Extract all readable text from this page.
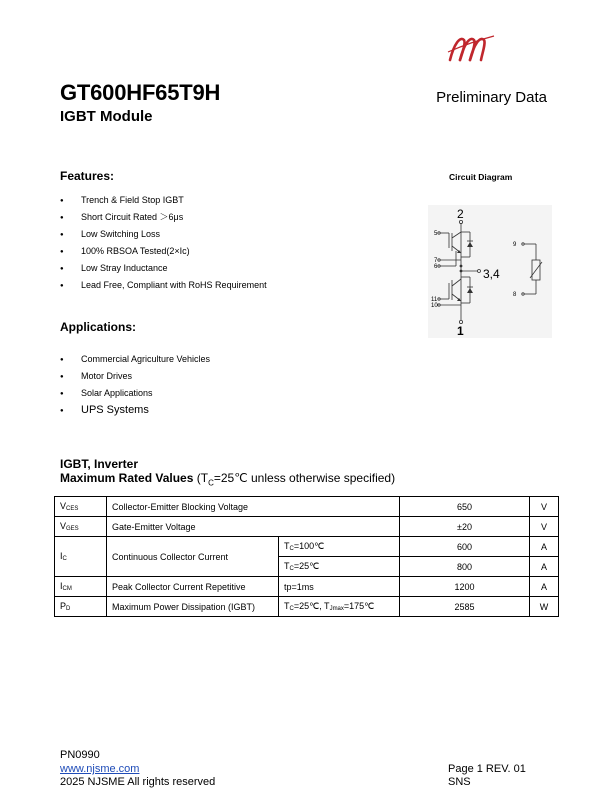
GT600HF65T9H
IGBT Module
Preliminary Data
Features:
● Trench & Field Stop IGBT
● Short Circuit Rated ＞6μs
● Low Switching Loss
● 100% RBSOA Tested(2×Ic)
● Low Stray Inductance
● Lead Free, Compliant with RoHS Requirement
Applications:
● Commercial Agriculture Vehicles
● Motor Drives
● Solar Applications
● UPS Systems
Circuit Diagram
2
3,4
1
5
7
6
11
10
9
8
IGBT, Inverter
Maximum Rated Values ($T_C=25℃$ unless otherwise specified)
VCES	Collector-Emitter Blocking Voltage		650	V
VGES	Gate-Emitter Voltage		±20	V
IC	Continuous Collector Current	TC=100℃	600	A
		TC=25℃	800	A
ICM	Peak Collector Current Repetitive	tp=1ms	1200	A
PD	Maximum Power Dissipation (IGBT)	TC=25℃, TJmax=175℃	2585	W
PN0990
www.njsme.com
2025 NJSME All rights reserved
Page 1 REV. 01
SNS
